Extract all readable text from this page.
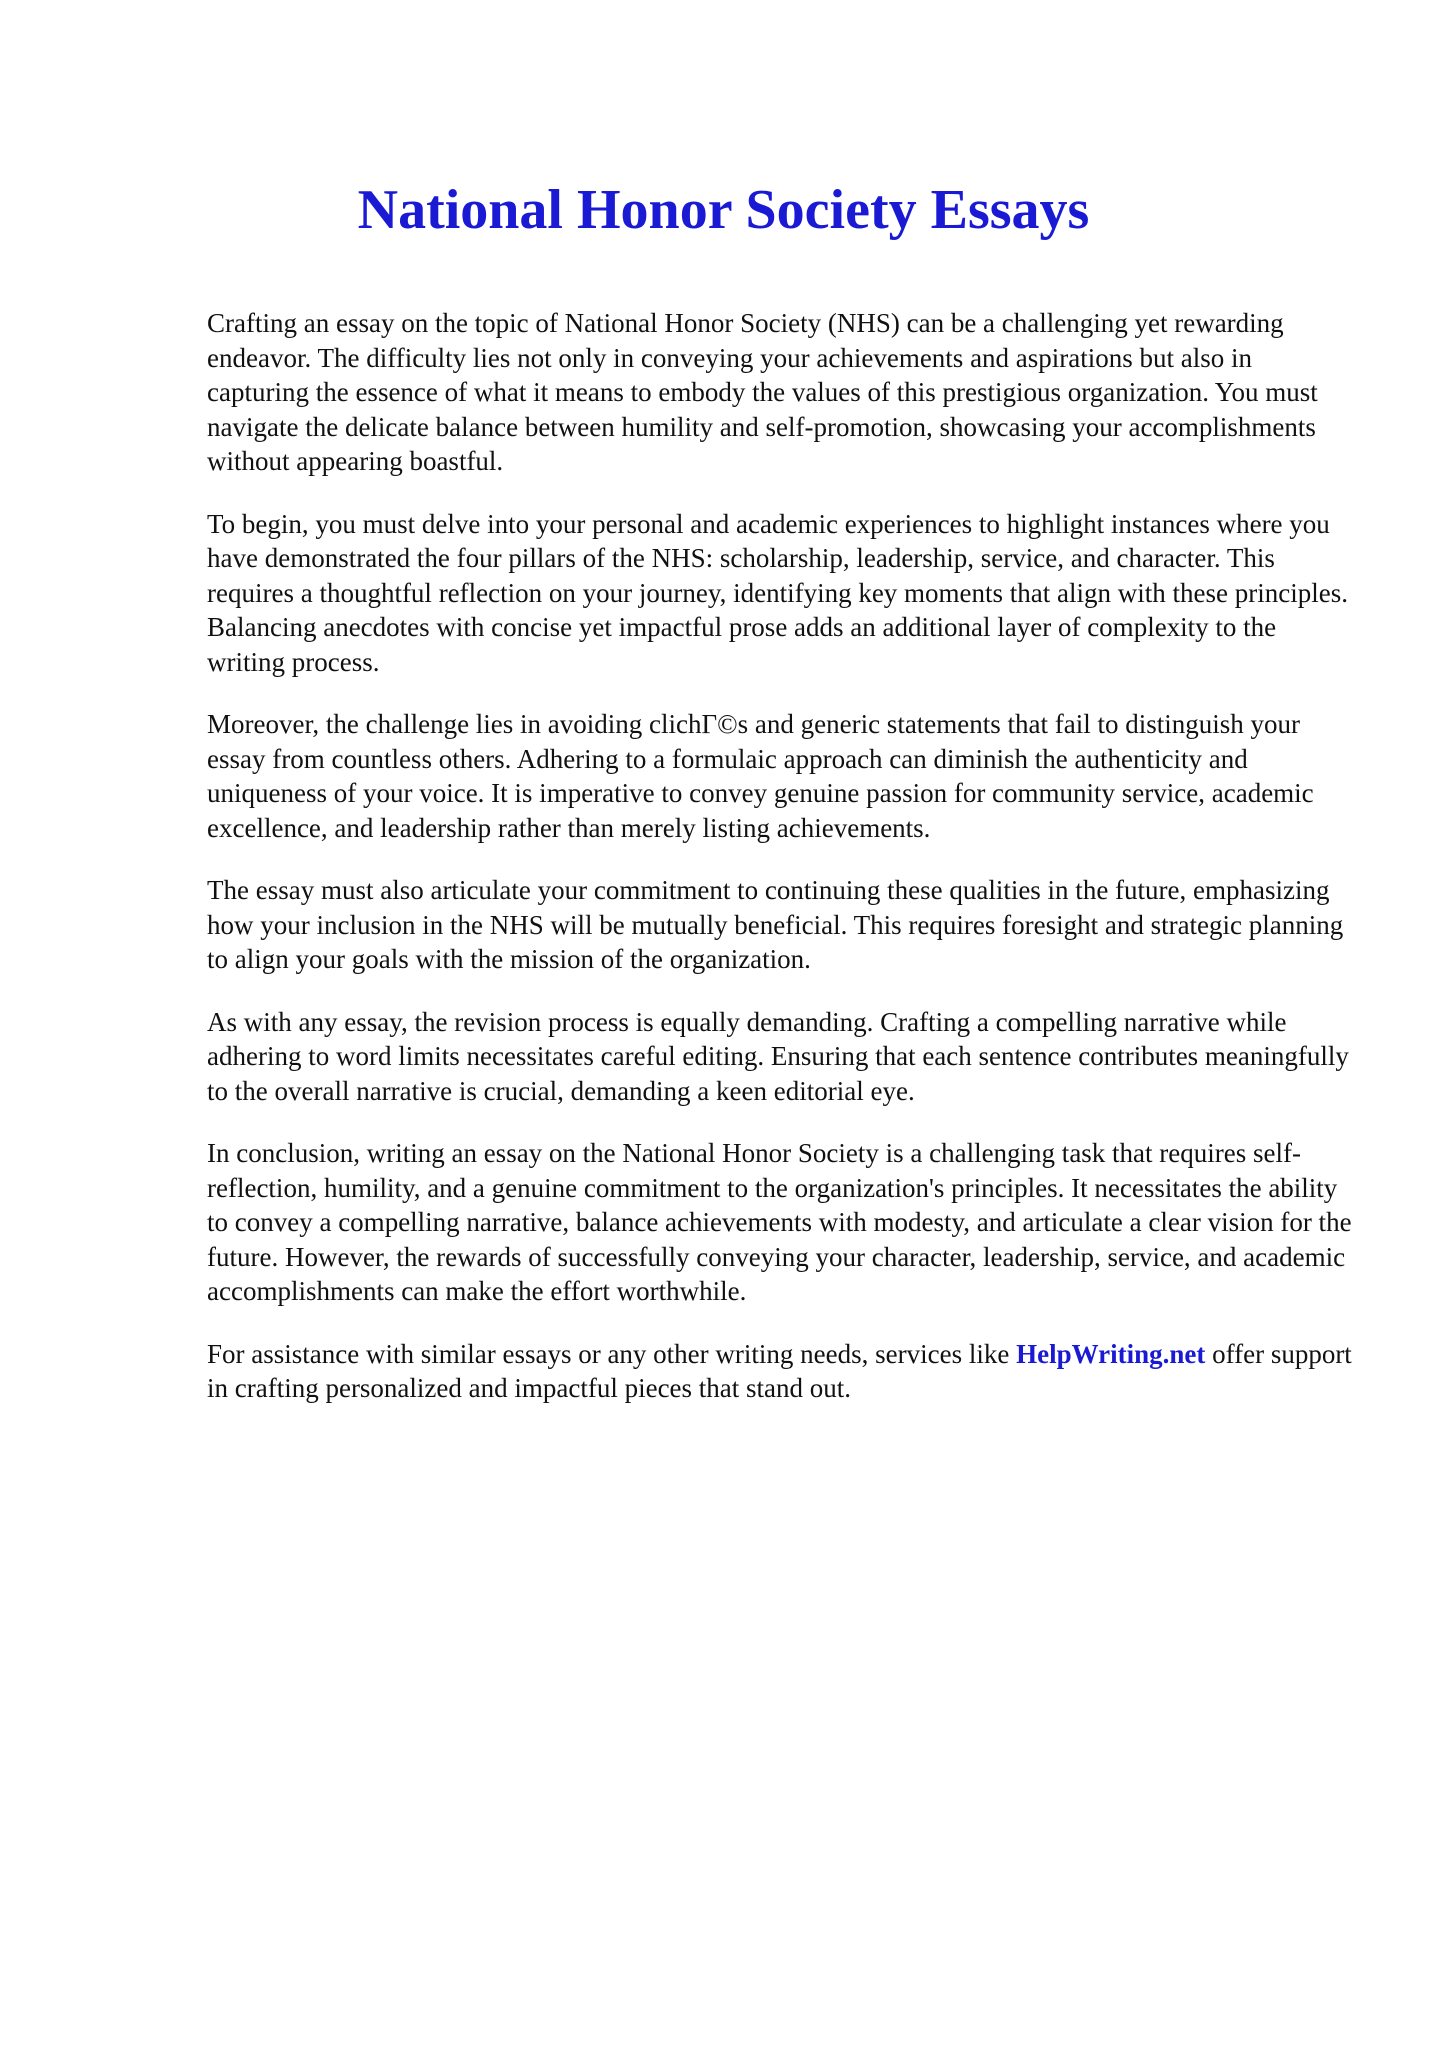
National Honor Society Essays

Crafting an essay on the topic of National Honor Society (NHS) can be a challenging yet rewarding endeavor. The difficulty lies not only in conveying your achievements and aspirations but also in capturing the essence of what it means to embody the values of this prestigious organization. You must navigate the delicate balance between humility and self-promotion, showcasing your accomplishments without appearing boastful.

To begin, you must delve into your personal and academic experiences to highlight instances where you have demonstrated the four pillars of the NHS: scholarship, leadership, service, and character. This requires a thoughtful reflection on your journey, identifying key moments that align with these principles. Balancing anecdotes with concise yet impactful prose adds an additional layer of complexity to the writing process.

Moreover, the challenge lies in avoiding clichΓ©s and generic statements that fail to distinguish your essay from countless others. Adhering to a formulaic approach can diminish the authenticity and uniqueness of your voice. It is imperative to convey genuine passion for community service, academic excellence, and leadership rather than merely listing achievements.

The essay must also articulate your commitment to continuing these qualities in the future, emphasizing how your inclusion in the NHS will be mutually beneficial. This requires foresight and strategic planning to align your goals with the mission of the organization.

As with any essay, the revision process is equally demanding. Crafting a compelling narrative while adhering to word limits necessitates careful editing. Ensuring that each sentence contributes meaningfully to the overall narrative is crucial, demanding a keen editorial eye.

In conclusion, writing an essay on the National Honor Society is a challenging task that requires self-reflection, humility, and a genuine commitment to the organization's principles. It necessitates the ability to convey a compelling narrative, balance achievements with modesty, and articulate a clear vision for the future. However, the rewards of successfully conveying your character, leadership, service, and academic accomplishments can make the effort worthwhile.

For assistance with similar essays or any other writing needs, services like HelpWriting.net offer support in crafting personalized and impactful pieces that stand out.
